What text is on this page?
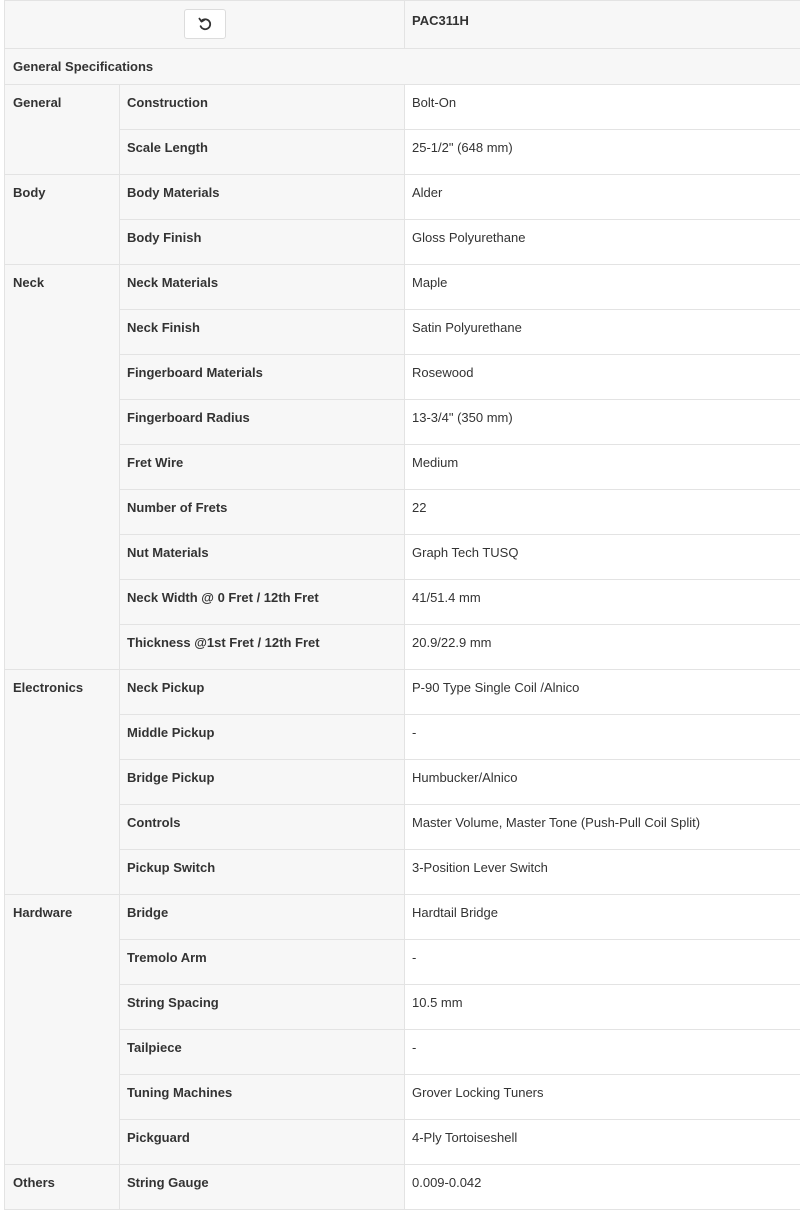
PAC311H

General Specifications		
General	Construction	Bolt-On
	Scale Length	25-1/2" (648 mm)
Body	Body Materials	Alder
	Body Finish	Gloss Polyurethane
Neck	Neck Materials	Maple
	Neck Finish	Satin Polyurethane
	Fingerboard Materials	Rosewood
	Fingerboard Radius	13-3/4" (350 mm)
	Fret Wire	Medium
	Number of Frets	22
	Nut Materials	Graph Tech TUSQ
	Neck Width @ 0 Fret / 12th Fret	41/51.4 mm
	Thickness @1st Fret / 12th Fret	20.9/22.9 mm
Electronics	Neck Pickup	P-90 Type Single Coil /Alnico
	Middle Pickup	-
	Bridge Pickup	Humbucker/Alnico
	Controls	Master Volume, Master Tone (Push-Pull Coil Split)
	Pickup Switch	3-Position Lever Switch
Hardware	Bridge	Hardtail Bridge
	Tremolo Arm	-
	String Spacing	10.5 mm
	Tailpiece	-
	Tuning Machines	Grover Locking Tuners
	Pickguard	4-Ply Tortoiseshell
Others	String Gauge	0.009-0.042
